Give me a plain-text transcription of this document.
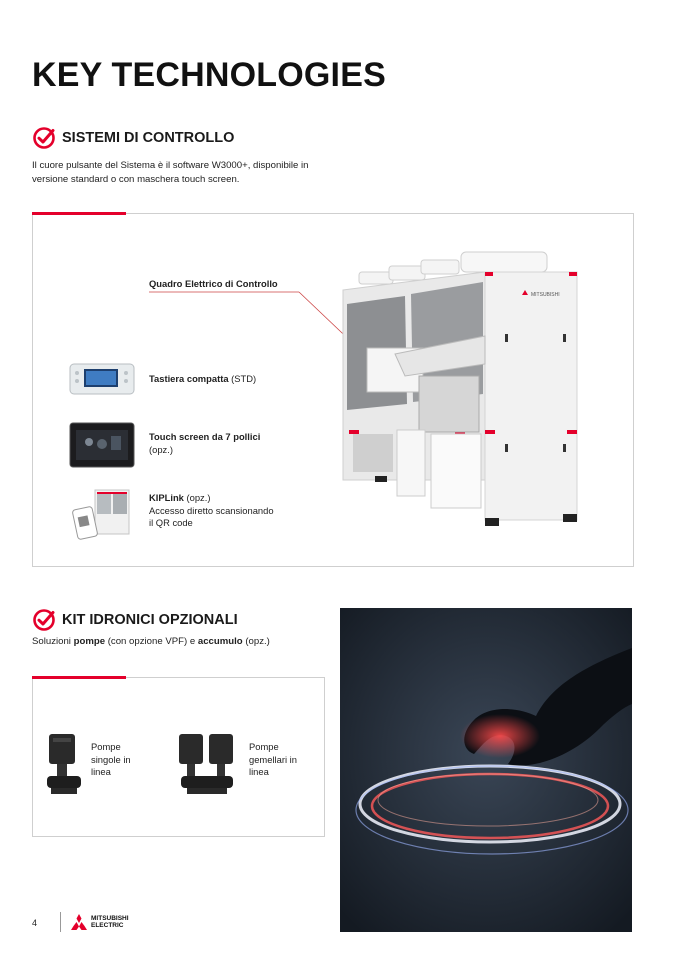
KEY TECHNOLOGIES
SISTEMI DI CONTROLLO
Il cuore pulsante del Sistema è il software W3000+, disponibile in versione standard o con maschera touch screen.
Quadro Elettrico di Controllo
Tastiera compatta (STD)
Touch screen da 7 pollici
(opz.)
KIPLink (opz.)
Accesso diretto scansionando il QR code
MITSUBISHI
KIT IDRONICI OPZIONALI
Soluzioni pompe (con opzione VPF) e accumulo (opz.)
Pompe singole in linea
Pompe gemellari in linea
4	MITSUBISHI
ELECTRIC
